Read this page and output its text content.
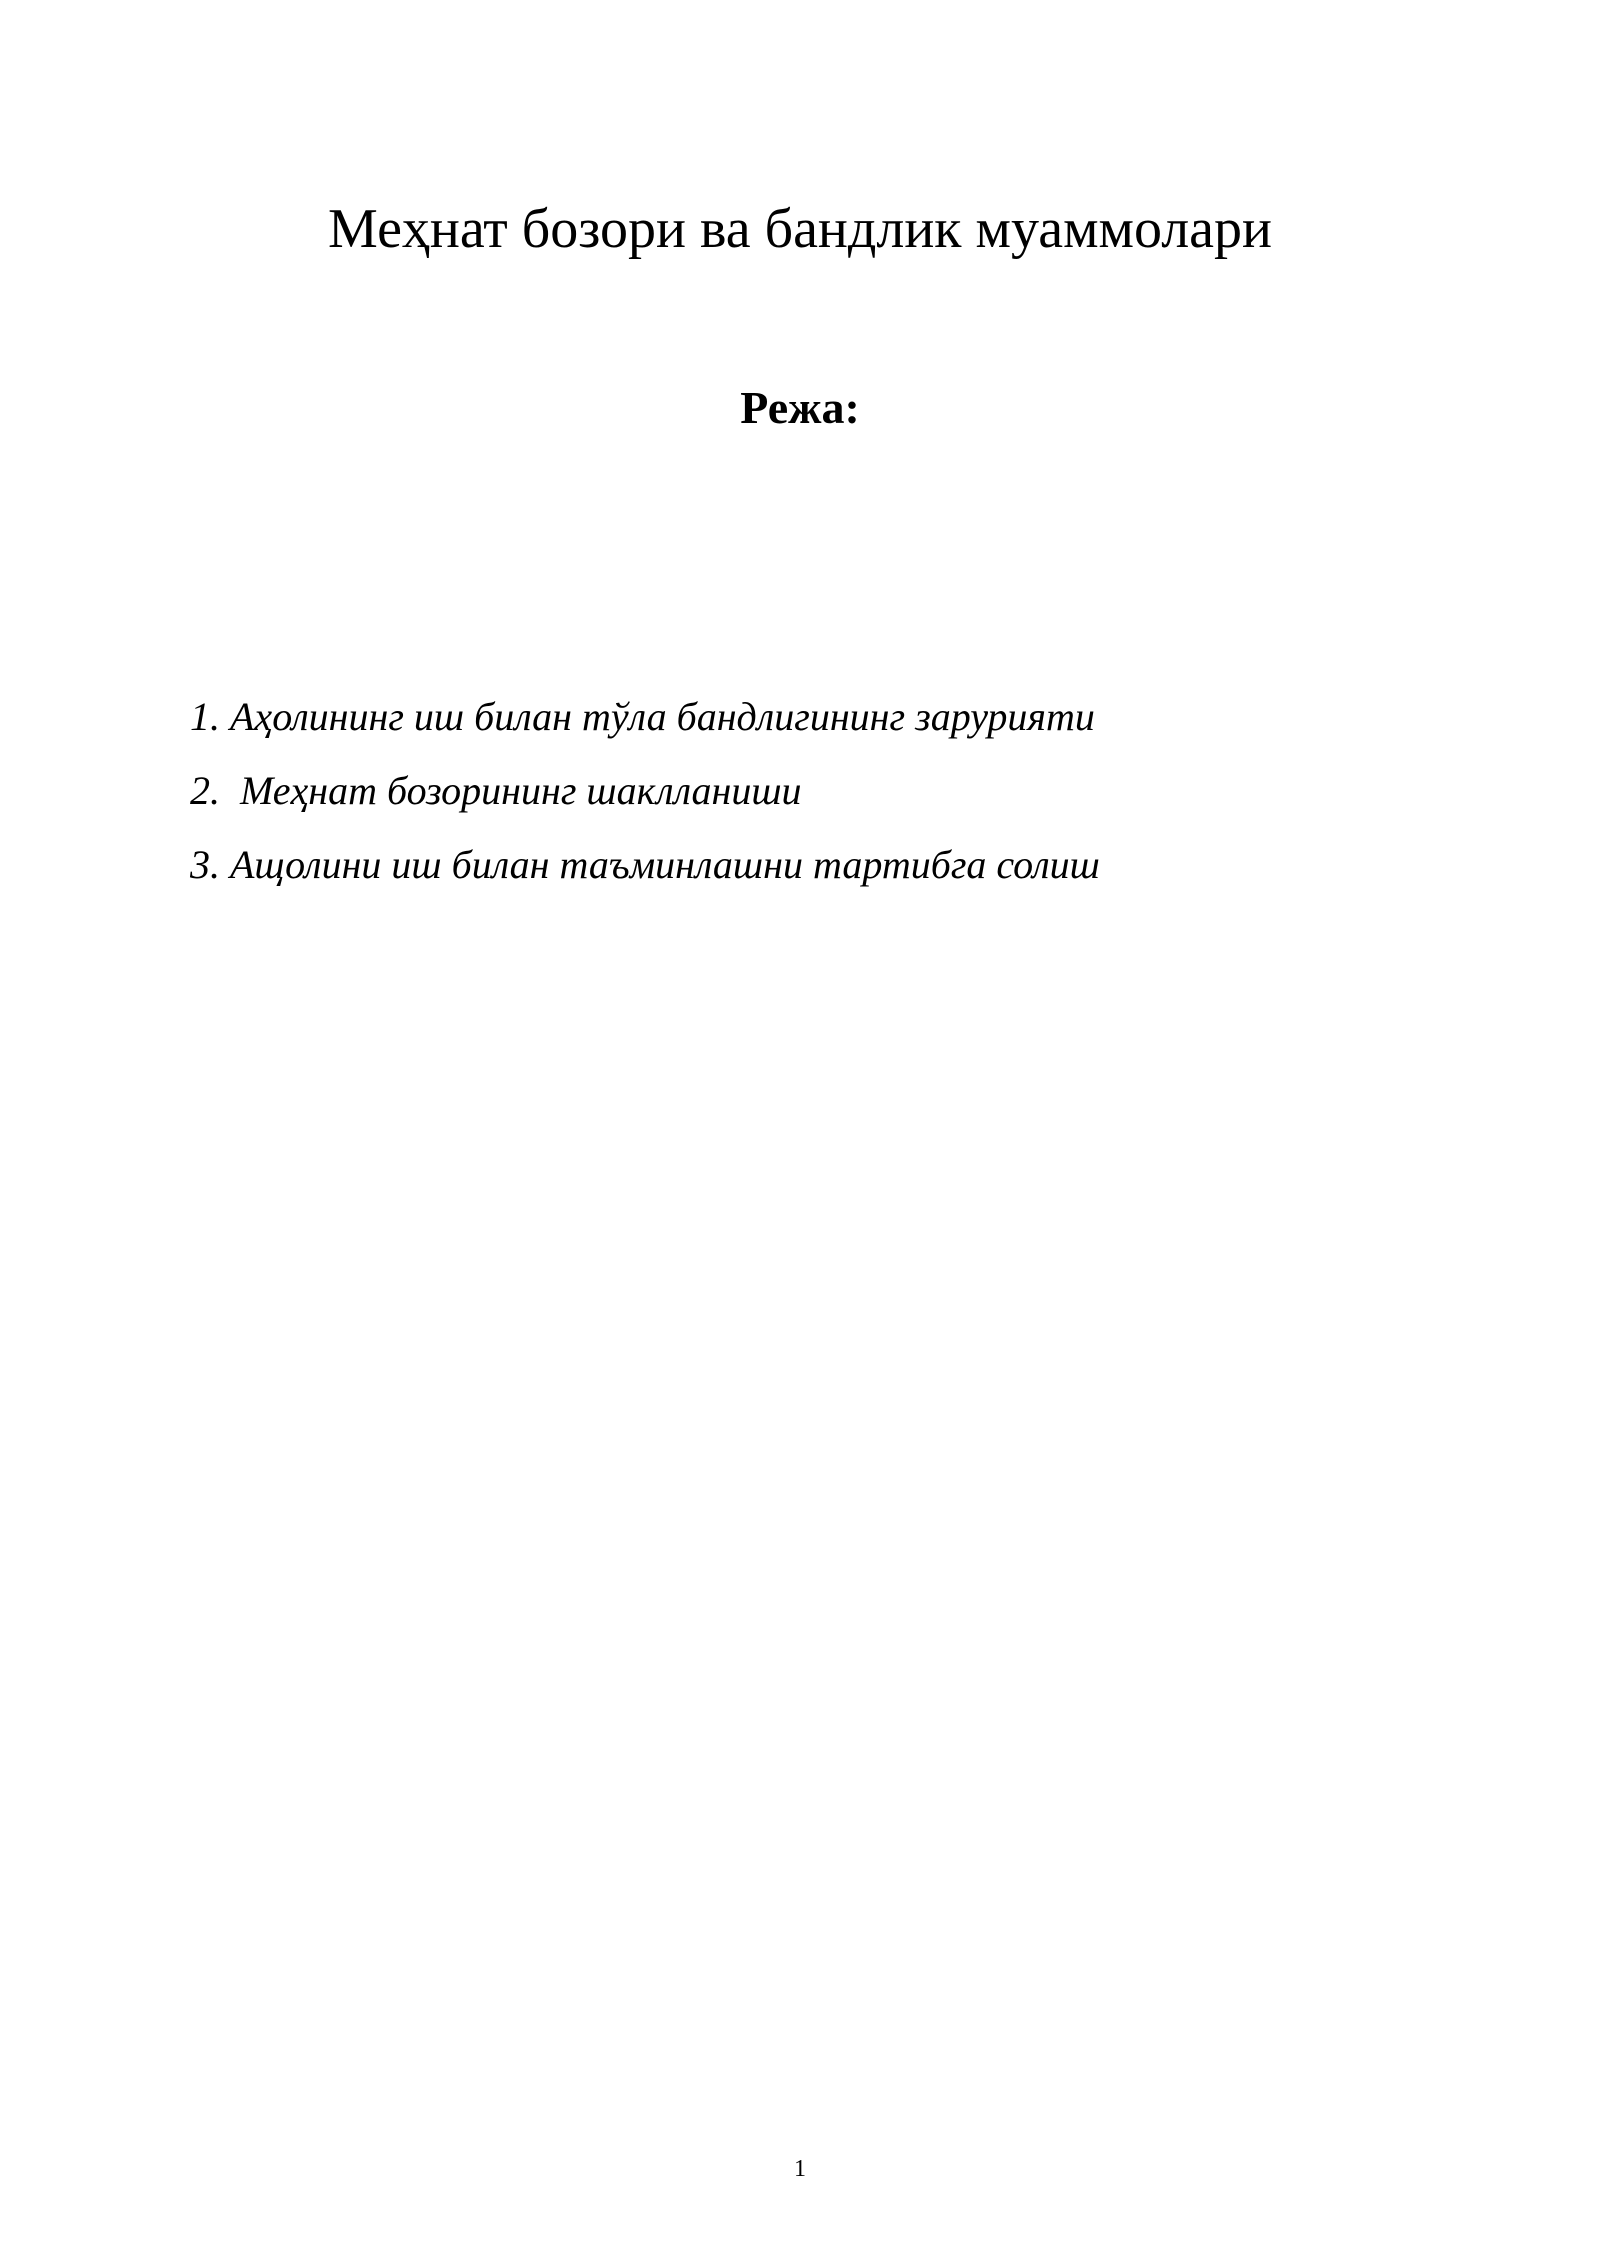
Меҳнат бозори ва бандлик муаммолари
Режа:
1. Аҳолининг иш билан тўла бандлигининг зарурияти
2.  Меҳнат бозорининг шаклланиши
3. Ащолини иш билан таъминлашни тартибга солиш
1
